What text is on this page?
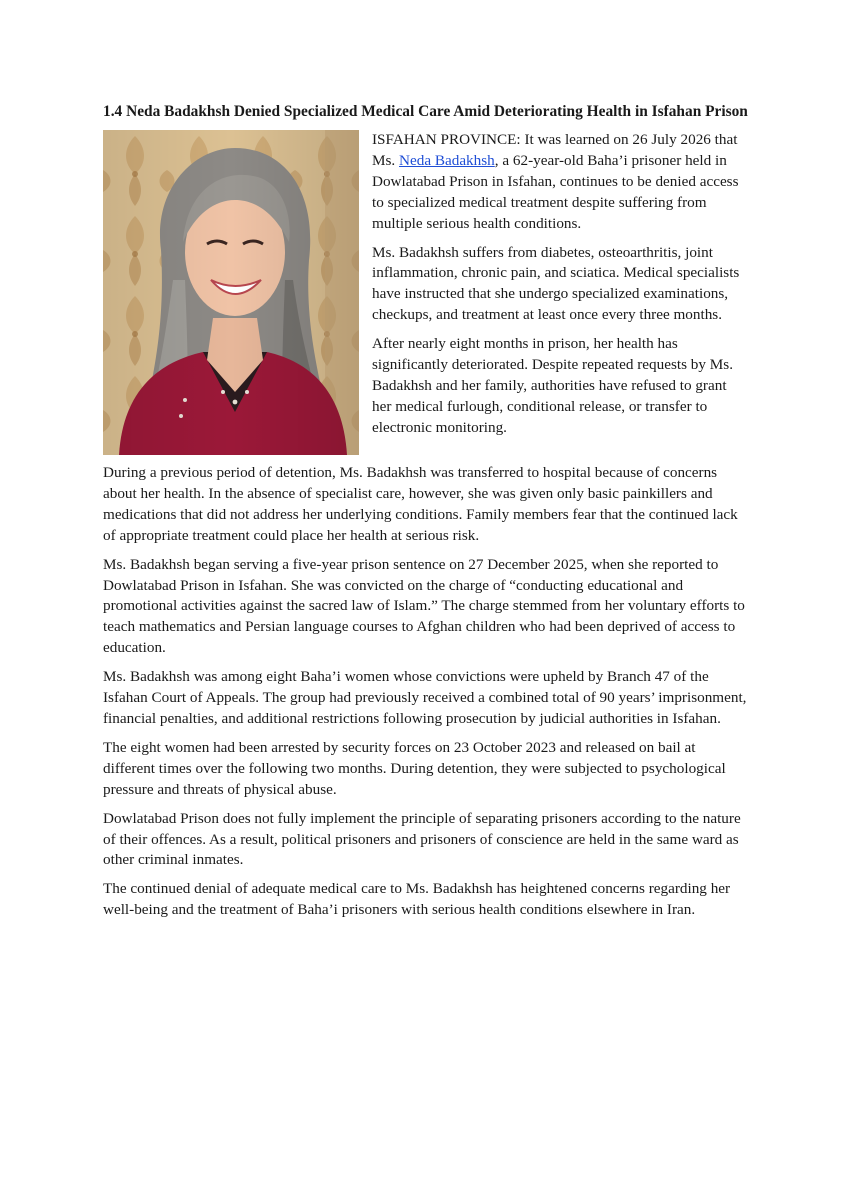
1.4 Neda Badakhsh Denied Specialized Medical Care Amid Deteriorating Health in Isfahan Prison

ISFAHAN PROVINCE: It was learned on 26 July 2026 that Ms. Neda Badakhsh, a 62-year-old Baha’i prisoner held in Dowlatabad Prison in Isfahan, continues to be denied access to specialized medical treatment despite suffering from multiple serious health conditions.

Ms. Badakhsh suffers from diabetes, osteoarthritis, joint inflammation, chronic pain, and sciatica. Medical specialists have instructed that she undergo specialized examinations, checkups, and treatment at least once every three months.

After nearly eight months in prison, her health has significantly deteriorated. Despite repeated requests by Ms. Badakhsh and her family, authorities have refused to grant her medical furlough, conditional release, or transfer to electronic monitoring.

During a previous period of detention, Ms. Badakhsh was transferred to hospital because of concerns about her health. In the absence of specialist care, however, she was given only basic painkillers and medications that did not address her underlying conditions. Family members fear that the continued lack of appropriate treatment could place her health at serious risk.

Ms. Badakhsh began serving a five-year prison sentence on 27 December 2025, when she reported to Dowlatabad Prison in Isfahan. She was convicted on the charge of “conducting educational and promotional activities against the sacred law of Islam.” The charge stemmed from her voluntary efforts to teach mathematics and Persian language courses to Afghan children who had been deprived of access to education.

Ms. Badakhsh was among eight Baha’i women whose convictions were upheld by Branch 47 of the Isfahan Court of Appeals. The group had previously received a combined total of 90 years’ imprisonment, financial penalties, and additional restrictions following prosecution by judicial authorities in Isfahan.

The eight women had been arrested by security forces on 23 October 2023 and released on bail at different times over the following two months. During detention, they were subjected to psychological pressure and threats of physical abuse.

Dowlatabad Prison does not fully implement the principle of separating prisoners according to the nature of their offences. As a result, political prisoners and prisoners of conscience are held in the same ward as other criminal inmates.

The continued denial of adequate medical care to Ms. Badakhsh has heightened concerns regarding her well-being and the treatment of Baha’i prisoners with serious health conditions elsewhere in Iran.
